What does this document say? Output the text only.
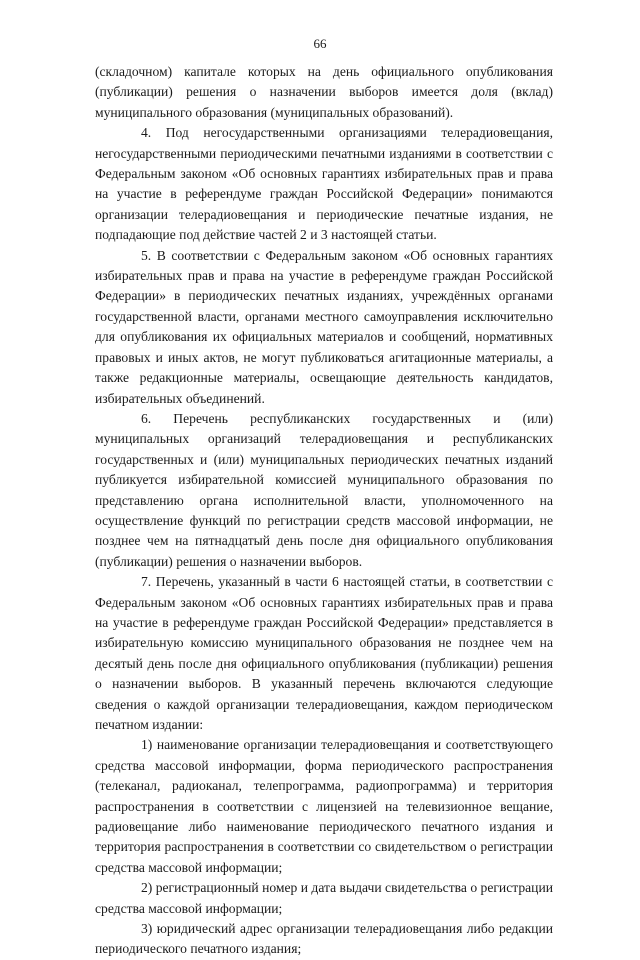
66

(складочном) капитале которых на день официального опубликования (публикации) решения о назначении выборов имеется доля (вклад) муниципального образования (муниципальных образований).

4. Под негосударственными организациями телерадиовещания, негосударственными периодическими печатными изданиями в соответствии с Федеральным законом «Об основных гарантиях избирательных прав и права на участие в референдуме граждан Российской Федерации» понимаются организации телерадиовещания и периодические печатные издания, не подпадающие под действие частей 2 и 3 настоящей статьи.

5. В соответствии с Федеральным законом «Об основных гарантиях избирательных прав и права на участие в референдуме граждан Российской Федерации» в периодических печатных изданиях, учреждённых органами государственной власти, органами местного самоуправления исключительно для опубликования их официальных материалов и сообщений, нормативных правовых и иных актов, не могут публиковаться агитационные материалы, а также редакционные материалы, освещающие деятельность кандидатов, избирательных объединений.

6. Перечень республиканских государственных и (или) муниципальных организаций телерадиовещания и республиканских государственных и (или) муниципальных периодических печатных изданий публикуется избирательной комиссией муниципального образования по представлению органа исполнительной власти, уполномоченного на осуществление функций по регистрации средств массовой информации, не позднее чем на пятнадцатый день после дня официального опубликования (публикации) решения о назначении выборов.

7. Перечень, указанный в части 6 настоящей статьи, в соответствии с Федеральным законом «Об основных гарантиях избирательных прав и права на участие в референдуме граждан Российской Федерации» представляется в избирательную комиссию муниципального образования не позднее чем на десятый день после дня официального опубликования (публикации) решения о назначении выборов. В указанный перечень включаются следующие сведения о каждой организации телерадиовещания, каждом периодическом печатном издании:

1) наименование организации телерадиовещания и соответствующего средства массовой информации, форма периодического распространения (телеканал, радиоканал, телепрограмма, радиопрограмма) и территория распространения в соответствии с лицензией на телевизионное вещание, радиовещание либо наименование периодического печатного издания и территория распространения в соответствии со свидетельством о регистрации средства массовой информации;

2) регистрационный номер и дата выдачи свидетельства о регистрации средства массовой информации;

3) юридический адрес организации телерадиовещания либо редакции периодического печатного издания;
